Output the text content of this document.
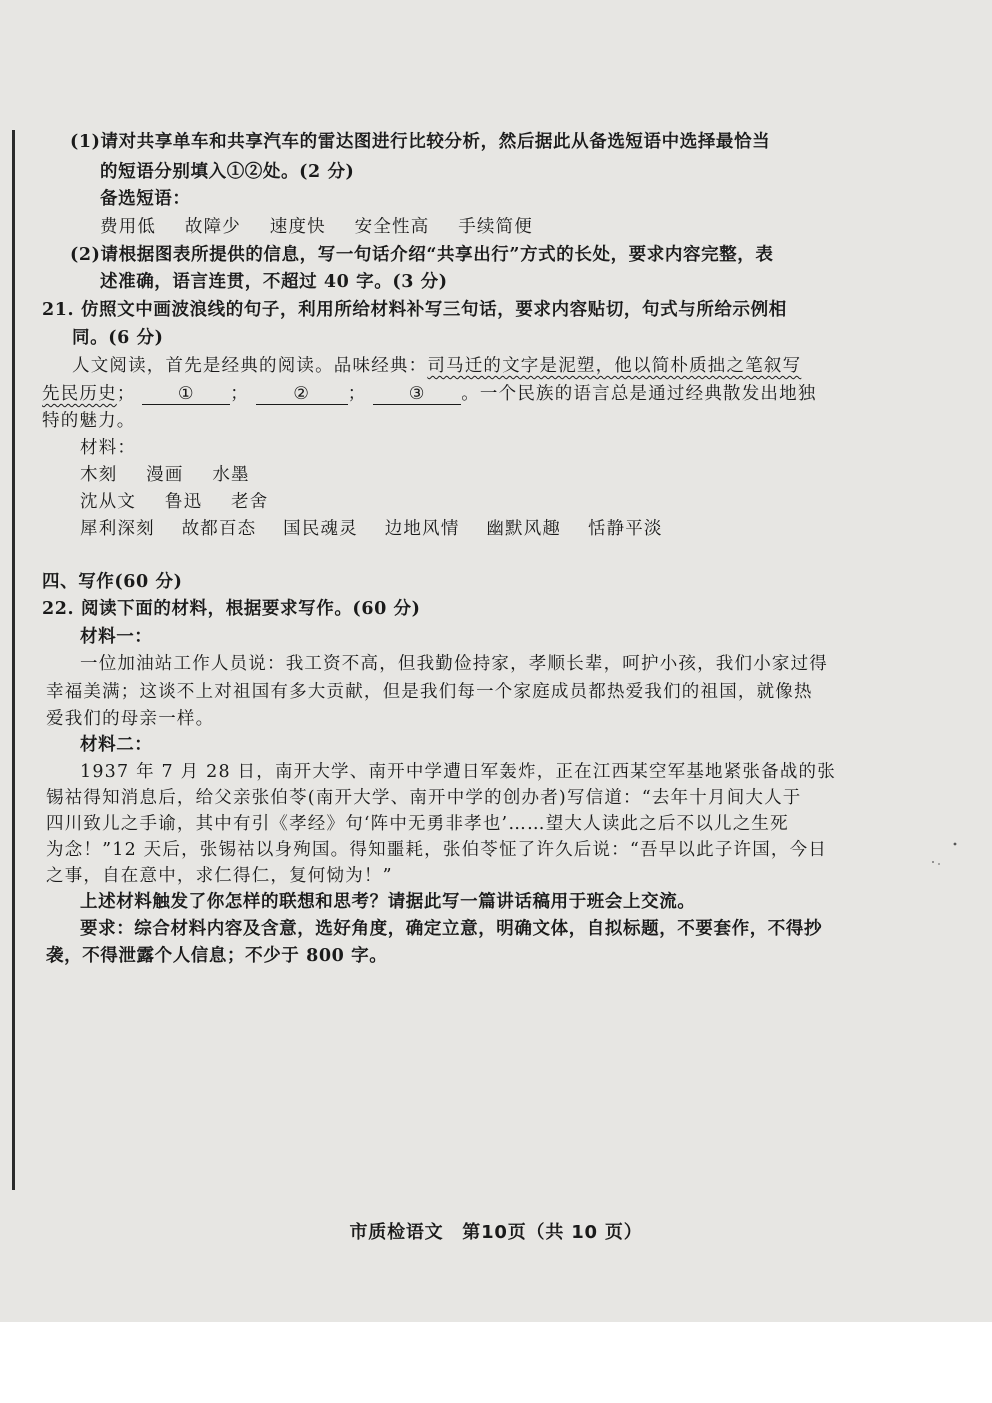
(1)请对共享单车和共享汽车的雷达图进行比较分析，然后据此从备选短语中选择最恰当
的短语分别填入①②处。(2 分)
备选短语：
费用低 故障少 速度快 安全性高 手续简便
(2)请根据图表所提供的信息，写一句话介绍“共享出行”方式的长处，要求内容完整，表
述准确，语言连贯，不超过 40 字。(3 分)
21. 仿照文中画波浪线的句子，利用所给材料补写三句话，要求内容贴切，句式与所给示例相
同。(6 分)
人文阅读，首先是经典的阅读。品味经典：司马迁的文字是泥塑，他以简朴质拙之笔叙写
先民历史； ① ；	② ； ③ 。一个民族的语言总是通过经典散发出地独
特的魅力。
材料：
木刻 漫画 水墨
沈从文 鲁迅 老舍
犀利深刻 故都百态 国民魂灵 边地风情 幽默风趣 恬静平淡
四、写作(60 分)
22. 阅读下面的材料，根据要求写作。(60 分)
材料一：
一位加油站工作人员说：我工资不高，但我勤俭持家，孝顺长辈，呵护小孩，我们小家过得
幸福美满；这谈不上对祖国有多大贡献，但是我们每一个家庭成员都热爱我们的祖国，就像热
爱我们的母亲一样。
材料二：
1937 年 7 月 28 日，南开大学、南开中学遭日军轰炸，正在江西某空军基地紧张备战的张
锡祜得知消息后，给父亲张伯苓(南开大学、南开中学的创办者)写信道：“去年十月间大人于
四川致儿之手谕，其中有引《孝经》句‘阵中无勇非孝也’……望大人读此之后不以儿之生死
为念！”12 天后，张锡祜以身殉国。得知噩耗，张伯苓怔了许久后说：“吾早以此子许国，今日
之事，自在意中，求仁得仁，复何恸为！”
上述材料触发了你怎样的联想和思考？请据此写一篇讲话稿用于班会上交流。
要求：综合材料内容及含意，选好角度，确定立意，明确文体，自拟标题，不要套作，不得抄
袭，不得泄露个人信息；不少于 800 字。
市质检语文　第10页（共 10 页）
